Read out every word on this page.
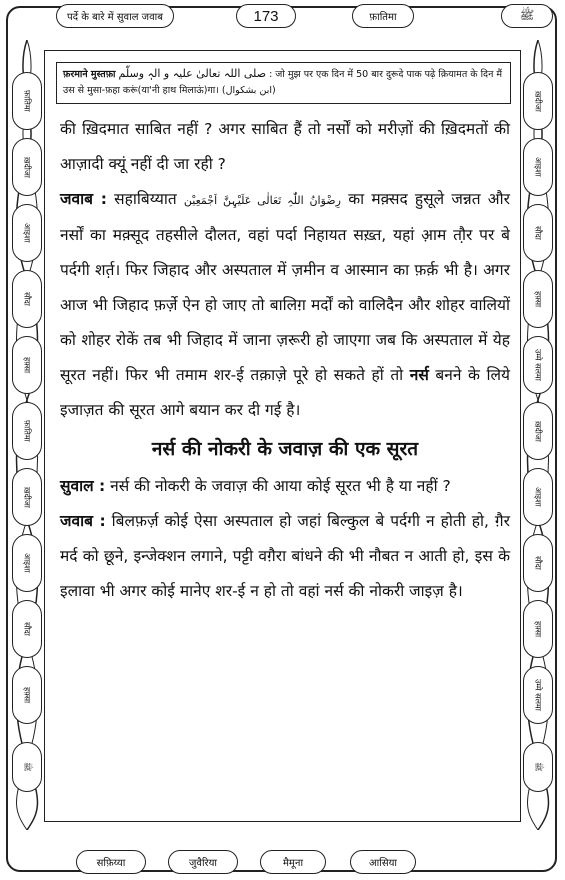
फ़ातिमा
ख़दीजा
आइशा
सौदा
हफ़्सा
फ़ातिमा
ख़दीजा
आइशा
सौदा
हफ़्सा
ﷺ
ख़दीजा
आइशा
सौदा
हफ़्सा
उम्मे सलमा
ख़दीजा
आइशा
सौदा
हफ़्सा
उम्मे सलमा
ﷺ
पर्दे के बारे में सुवाल जवाब	173	फ़ातिमा	ﷺ
फ़रमाने मुस्तफ़ा صلی اللہ تعالیٰ علیہ و الہٖ وسلّم : जो मुझ पर एक दिन में 50 बार दुरूदे पाक पढ़े क़ियामत के दिन मैं उस से मुसा-फ़हा करूं(या'नी हाथ मिलाऊं)गा। (ابن بشکوال)

की ख़िदमात साबित नहीं ? अगर साबित हैं तो नर्सों को मरीज़ों की ख़िदमतों की आज़ादी क्यूं नहीं दी जा रही ?

जवाब : सहाबिय्यात رِضْوَانُ اللّٰہِ تَعَالٰی عَلَیْہِنَّ اَجْمَعِیْن का मक़्सद हुसूले जन्नत और नर्सों का मक़्सूद तहसीले दौलत, वहां पर्दा निहायत सख़्त, यहां आ़म तौ़र पर बे पर्दगी शर्त़। फिर जिहाद और अस्पताल में ज़मीन व आस्मान का फ़र्क़ भी है। अगर आज भी जिहाद फ़र्ज़े ऐन हो जाए तो बालिग़ मर्दों को वालिदैन और शोहर वालियों को शोहर रोकें तब भी जिहाद में जाना ज़रूरी हो जाएगा जब कि अस्पताल में येह सूरत नहीं। फिर भी तमाम शर-ई तक़ाज़े पूरे हो सकते हों तो नर्स बनने के लिये इजाज़त की सूरत आगे बयान कर दी गई है।

नर्स की नोकरी के जवाज़ की एक सूरत

सुवाल : नर्स की नोकरी के जवाज़ की आया कोई सूरत भी है या नहीं ?

जवाब : बिलफ़र्ज़ कोई ऐसा अस्पताल हो जहां बिल्कुल बे पर्दगी न होती हो, ग़ैर मर्द को छूने, इन्जेक्शन लगाने, पट्टी वग़ैरा बांधने की भी नौबत न आती हो, इस के इलावा भी अगर कोई मानेए शर-ई न हो तो वहां नर्स की नोकरी जाइज़ है।

सफ़िय्या	जुवैरिया	मैमूना	आसिया
